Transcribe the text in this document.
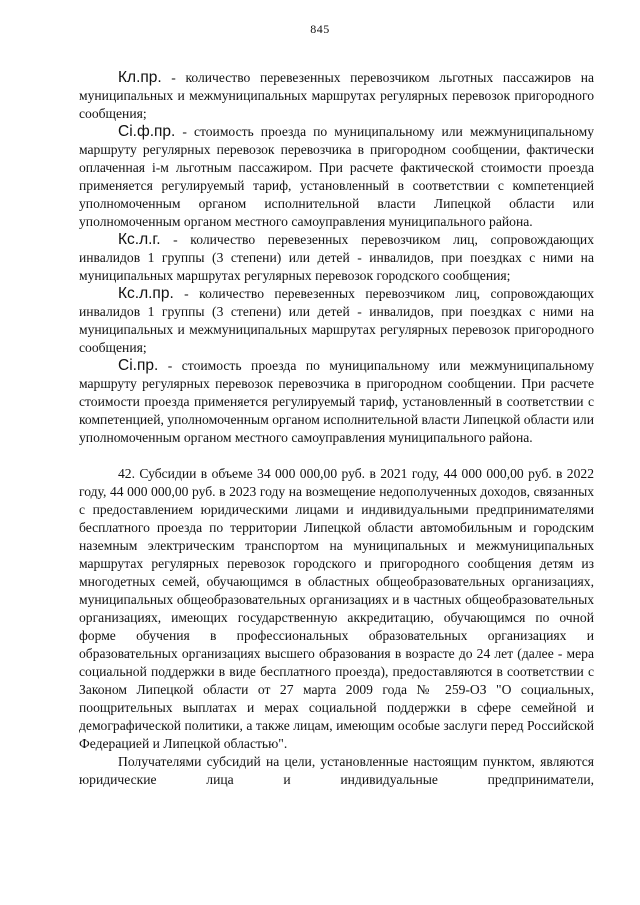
845

Кл.пр. - количество перевезенных перевозчиком льготных пассажиров на муниципальных и межмуниципальных маршрутах регулярных перевозок пригородного сообщения;

Сi.ф.пр. - стоимость проезда по муниципальному или межмуниципальному маршруту регулярных перевозок перевозчика в пригородном сообщении, фактически оплаченная i-м льготным пассажиром. При расчете фактической стоимости проезда применяется регулируемый тариф, установленный в соответствии с компетенцией уполномоченным органом исполнительной власти Липецкой области или уполномоченным органом местного самоуправления муниципального района.

Кс.л.г. - количество перевезенных перевозчиком лиц, сопровождающих инвалидов 1 группы (3 степени) или детей - инвалидов, при поездках с ними на муниципальных маршрутах регулярных перевозок городского сообщения;

Кс.л.пр. - количество перевезенных перевозчиком лиц, сопровождающих инвалидов 1 группы (3 степени) или детей - инвалидов, при поездках с ними на муниципальных и межмуниципальных маршрутах регулярных перевозок пригородного сообщения;

Сi.пр. - стоимость проезда по муниципальному или межмуниципальному маршруту регулярных перевозок перевозчика в пригородном сообщении. При расчете стоимости проезда применяется регулируемый тариф, установленный в соответствии с компетенцией, уполномоченным органом исполнительной власти Липецкой области или уполномоченным органом местного самоуправления муниципального района.

42. Субсидии в объеме 34 000 000,00 руб. в 2021 году, 44 000 000,00 руб. в 2022 году, 44 000 000,00 руб. в 2023 году на возмещение недополученных доходов, связанных с предоставлением юридическими лицами и индивидуальными предпринимателями бесплатного проезда по территории Липецкой области автомобильным и городским наземным электрическим транспортом на муниципальных и межмуниципальных маршрутах регулярных перевозок городского и пригородного сообщения детям из многодетных семей, обучающимся в областных общеобразовательных организациях, муниципальных общеобразовательных организациях и в частных общеобразовательных организациях, имеющих государственную аккредитацию, обучающимся по очной форме обучения в профессиональных образовательных организациях и образовательных организациях высшего образования в возрасте до 24 лет (далее - мера социальной поддержки в виде бесплатного проезда), предоставляются в соответствии с Законом Липецкой области от 27 марта 2009 года № 259-ОЗ "О социальных, поощрительных выплатах и мерах социальной поддержки в сфере семейной и демографической политики, а также лицам, имеющим особые заслуги перед Российской Федерацией и Липецкой областью".

Получателями субсидий на цели, установленные настоящим пунктом, являются юридические лица и индивидуальные предприниматели,
